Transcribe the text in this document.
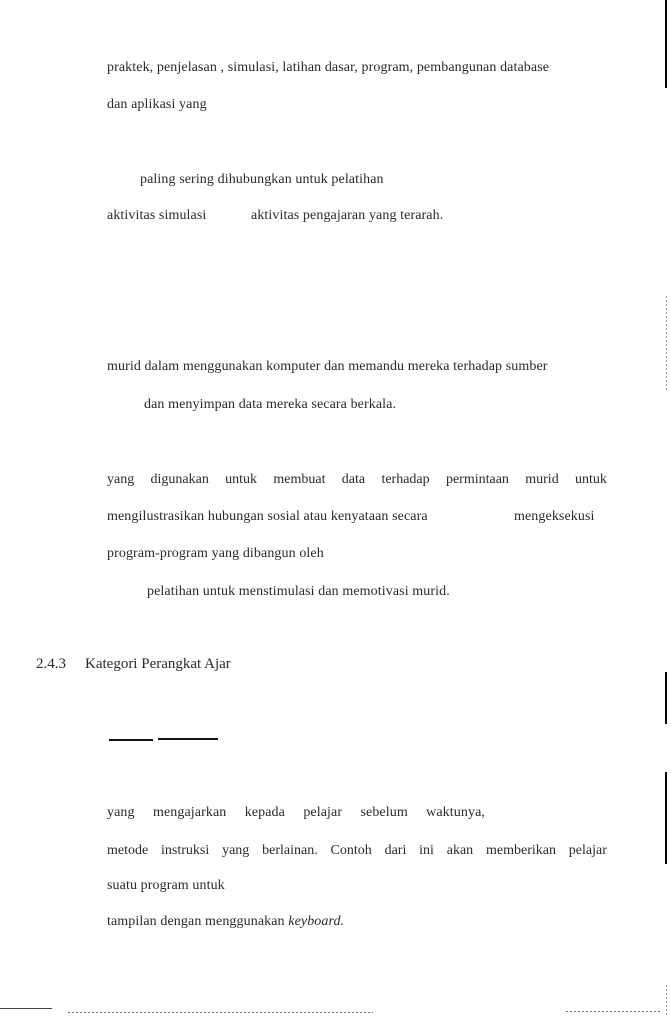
praktek, penjelasan , simulasi, latihan dasar, program, pembangunan database
dan aplikasi yang
paling sering dihubungkan untuk pelatihan
aktivitas simulasi	aktivitas pengajaran yang terarah.
murid dalam menggunakan komputer dan memandu mereka terhadap sumber
dan menyimpan data mereka secara berkala.
yang digunakan untuk membuat data terhadap permintaan murid untuk
mengilustrasikan hubungan sosial atau kenyataan secara	mengeksekusi
program-program yang dibangun oleh
pelatihan untuk menstimulasi dan memotivasi murid.
2.4.3 Kategori Perangkat Ajar
yang mengajarkan kepada pelajar sebelum waktunya,
metode instruksi yang berlainan. Contoh dari ini akan memberikan pelajar
suatu program untuk
tampilan dengan menggunakan keyboard.
